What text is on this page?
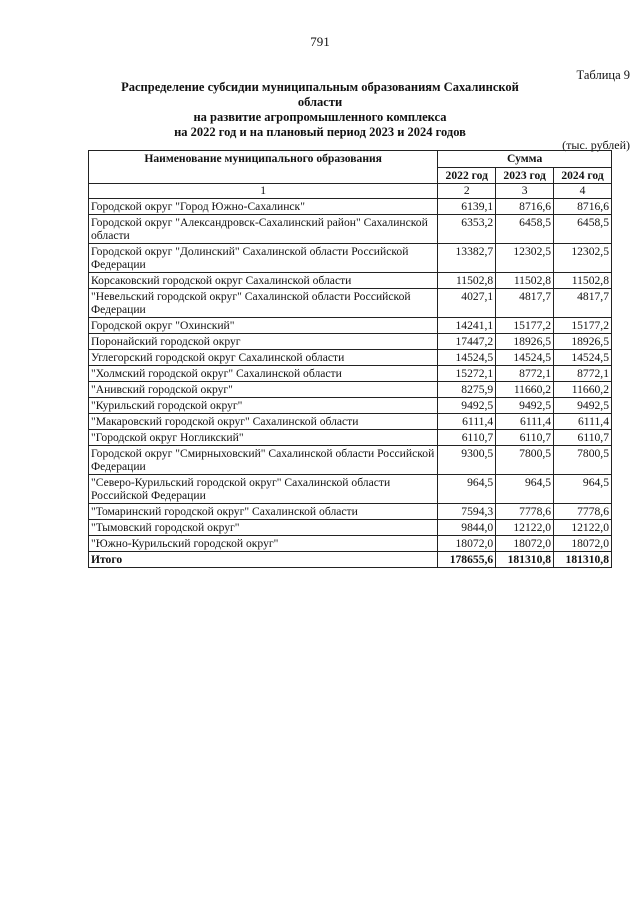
791
Таблица 9
Распределение субсидии муниципальным образованиям Сахалинской области
на развитие агропромышленного комплекса
на 2022 год и на плановый период 2023 и 2024 годов
(тыс. рублей)
Наименование муниципального образования	Сумма		
	2022 год	2023 год	2024 год
1	2	3	4
Городской округ "Город Южно-Сахалинск"	6139,1	8716,6	8716,6
Городской округ "Александровск-Сахалинский район" Сахалинской области	6353,2	6458,5	6458,5
Городской округ "Долинский" Сахалинской области Российской Федерации	13382,7	12302,5	12302,5
Корсаковский городской округ Сахалинской области	11502,8	11502,8	11502,8
"Невельский городской округ" Сахалинской области Российской Федерации	4027,1	4817,7	4817,7
Городской округ "Охинский"	14241,1	15177,2	15177,2
Поронайский городской округ	17447,2	18926,5	18926,5
Углегорский городской округ Сахалинской области	14524,5	14524,5	14524,5
"Холмский городской округ" Сахалинской области	15272,1	8772,1	8772,1
"Анивский городской округ"	8275,9	11660,2	11660,2
"Курильский городской округ"	9492,5	9492,5	9492,5
"Макаровский городской округ" Сахалинской области	6111,4	6111,4	6111,4
"Городской округ Ногликский"	6110,7	6110,7	6110,7
Городской округ "Смирныховский" Сахалинской области Российской Федерации	9300,5	7800,5	7800,5
"Северо-Курильский городской округ" Сахалинской области Российской Федерации	964,5	964,5	964,5
"Томаринский городской округ" Сахалинской области	7594,3	7778,6	7778,6
"Тымовский городской округ"	9844,0	12122,0	12122,0
"Южно-Курильский городской округ"	18072,0	18072,0	18072,0
Итого	178655,6	181310,8	181310,8
